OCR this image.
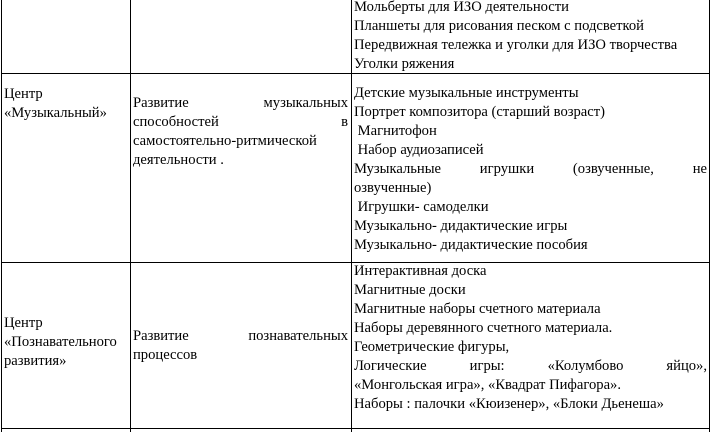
Мольберты для ИЗО деятельности
Планшеты для рисования песком с подсветкой
Передвижная тележка и уголки для ИЗО творчества
Уголки ряжения
Центр
«Музыкальный»
Развитие музыкальных
способностей в
самостоятельно-ритмической
деятельности .
Детские музыкальные инструменты
Портрет композитора (старший возраст)
Магнитофон
Набор аудиозаписей
Музыкальные игрушки (озвученные, не
озвученные)
Игрушки- самоделки
Музыкально- дидактические игры
Музыкально- дидактические пособия
Центр
«Познавательного
развития»
Развитие познавательных
процессов
Интерактивная доска
Магнитные доски
Магнитные наборы счетного материала
Наборы деревянного счетного материала.
Геометрические фигуры,
Логические игры: «Колумбово яйцо»,
«Монгольская игра», «Квадрат Пифагора».
Наборы : палочки «Кюизенер», «Блоки Дьенеша»
